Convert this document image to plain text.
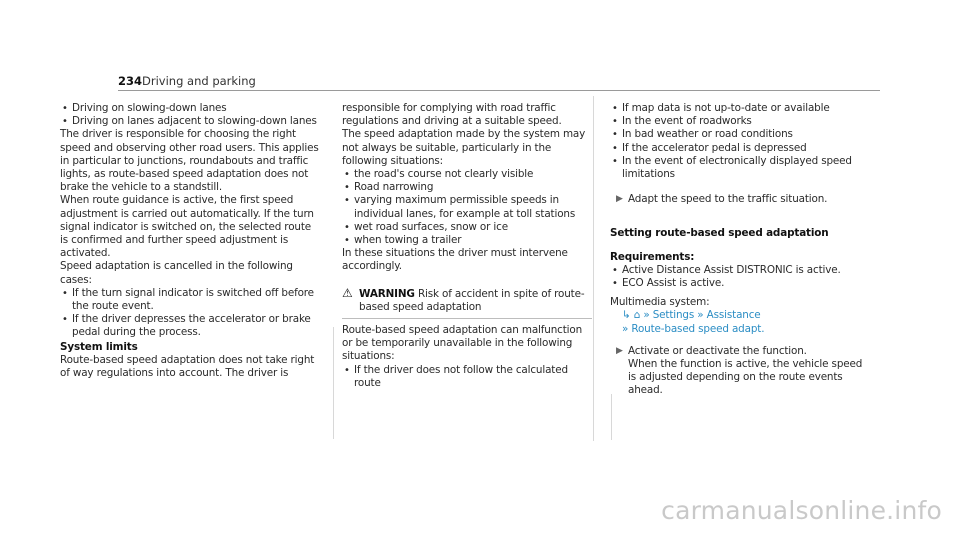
234 Driving and parking

• Driving on slowing-down lanes

• Driving on lanes adjacent to slowing-down lanes

The driver is responsible for choosing the right speed and observing other road users. This applies in particular to junctions, roundabouts and traffic lights, as route-based speed adaptation does not brake the vehicle to a standstill.

When route guidance is active, the first speed adjustment is carried out automatically. If the turn signal indicator is switched on, the selected route is confirmed and further speed adjustment is activated.

Speed adaptation is cancelled in the following cases:

• If the turn signal indicator is switched off before the route event.

• If the driver depresses the accelerator or brake pedal during the process.

System limits

Route-based speed adaptation does not take right of way regulations into account. The driver is

responsible for complying with road traffic regulations and driving at a suitable speed.

The speed adaptation made by the system may not always be suitable, particularly in the following situations:

• the road's course not clearly visible

• Road narrowing

• varying maximum permissible speeds in individual lanes, for example at toll stations

• wet road surfaces, snow or ice

• when towing a trailer

In these situations the driver must intervene accordingly.

⚠ WARNING Risk of accident in spite of route-based speed adaptation

Route-based speed adaptation can malfunction or be temporarily unavailable in the following situations:

• If the driver does not follow the calculated route

• If map data is not up-to-date or available

• In the event of roadworks

• In bad weather or road conditions

• If the accelerator pedal is depressed

• In the event of electronically displayed speed limitations

▶ Adapt the speed to the traffic situation.

Setting route-based speed adaptation

Requirements:

• Active Distance Assist DISTRONIC is active.

• ECO Assist is active.

Multimedia system:

↳ ⌂ » Settings » Assistance
» Route-based speed adapt.
▶ Activate or deactivate the function.
When the function is active, the vehicle speed is adjusted depending on the route events ahead.
carmanualsonline.info
